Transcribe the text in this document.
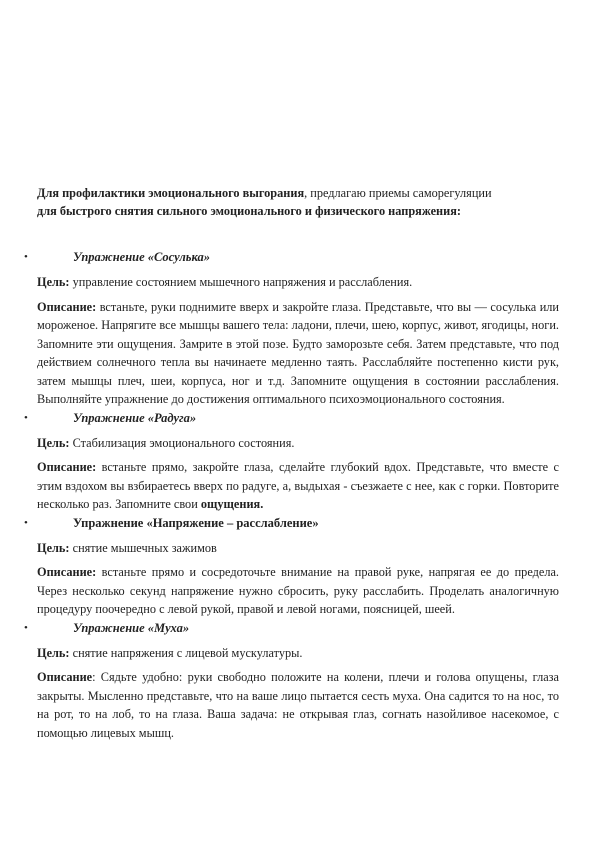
Для профилактики эмоционального выгорания, предлагаю приемы саморегуляции
для быстрого снятия сильного эмоционального и физического напряжения:

•	Упражнение «Сосулька»

Цель: управление состоянием мышечного напряжения и расслабления.

Описание: встаньте, руки поднимите вверх и закройте глаза. Представьте, что вы — сосулька или мороженое. Напрягите все мышцы вашего тела: ладони, плечи, шею, корпус, живот, ягодицы, ноги. Запомните эти ощущения. Замрите в этой позе. Будто заморозьте себя. Затем представьте, что под действием солнечного тепла вы начинаете медленно таять. Расслабляйте постепенно кисти рук, затем мышцы плеч, шеи, корпуса, ног и т.д. Запомните ощущения в состоянии расслабления. Выполняйте упражнение до достижения оптимального психоэмоционального состояния.

•	Упражнение «Радуга»

Цель: Стабилизация эмоционального состояния.

Описание: встаньте прямо, закройте глаза, сделайте глубокий вдох. Представьте, что вместе с этим вздохом вы взбираетесь вверх по радуге, а, выдыхая - съезжаете с нее, как с горки. Повторите несколько раз. Запомните свои ощущения.

•	Упражнение «Напряжение – расслабление»

Цель: снятие мышечных зажимов

Описание: встаньте прямо и сосредоточьте внимание на правой руке, напрягая ее до предела. Через несколько секунд напряжение нужно сбросить, руку расслабить. Проделать аналогичную процедуру поочередно с левой рукой, правой и левой ногами, поясницей, шеей.

•	Упражнение «Муха»

Цель: снятие напряжения с лицевой мускулатуры.

Описание: Сядьте удобно: руки свободно положите на колени, плечи и голова опущены, глаза закрыты. Мысленно представьте, что на ваше лицо пытается сесть муха. Она садится то на нос, то на рот, то на лоб, то на глаза. Ваша задача: не открывая глаз, согнать назойливое насекомое, с помощью лицевых мышц.
